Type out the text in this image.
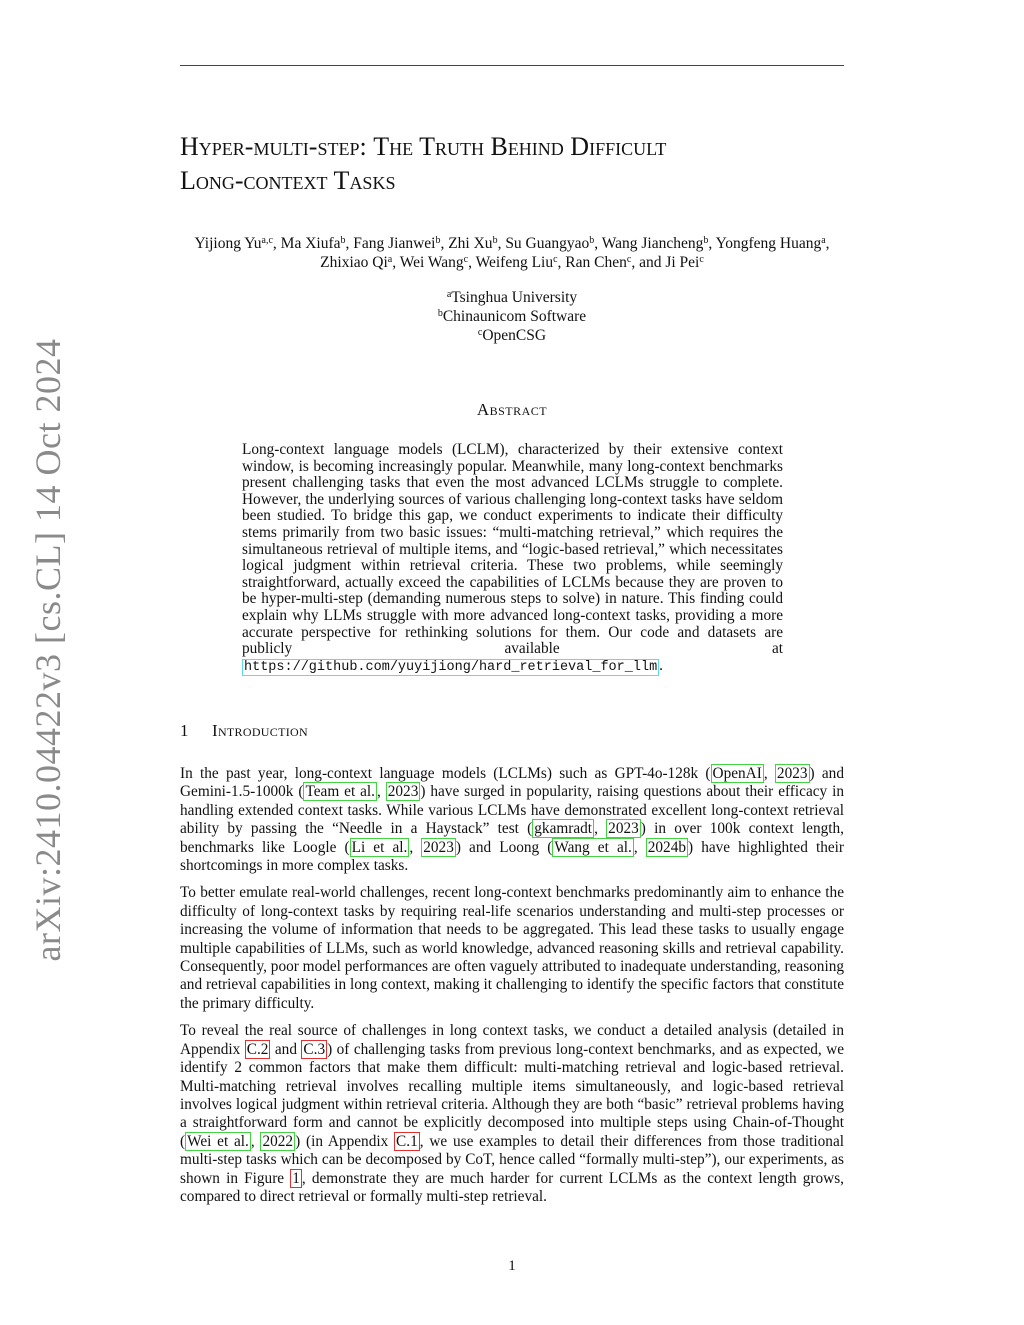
arXiv:2410.04422v3 [cs.CL] 14 Oct 2024
Hyper-multi-step: The Truth Behind Difficult
Long-context Tasks
Yijiong Yu$^{a,c}$, Ma Xiufa$^b$, Fang Jianwei$^b$, Zhi Xu$^b$, Su Guangyao$^b$, Wang Jiancheng$^b$, Yongfeng Huang$^a$, Zhixiao Qi$^a$, Wei Wang$^c$, Weifeng Liu$^c$, Ran Chen$^c$, and Ji Pei$^c$
$^a$Tsinghua University
$^b$Chinaunicom Software
$^c$OpenCSG
Abstract
Long-context language models (LCLM), characterized by their extensive context window, is becoming increasingly popular. Meanwhile, many long-context benchmarks present challenging tasks that even the most advanced LCLMs struggle to complete. However, the underlying sources of various challenging long-context tasks have seldom been studied. To bridge this gap, we conduct experiments to indicate their difficulty stems primarily from two basic issues: “multi-matching retrieval,” which requires the simultaneous retrieval of multiple items, and “logic-based retrieval,” which necessitates logical judgment within retrieval criteria. These two problems, while seemingly straightforward, actually exceed the capabilities of LCLMs because they are proven to be hyper-multi-step (demanding numerous steps to solve) in nature. This finding could explain why LLMs struggle with more advanced long-context tasks, providing a more accurate perspective for rethinking solutions for them. Our code and datasets are publicly available at https://github.com/yuyijiong/hard_retrieval_for_llm .
1 Introduction

In the past year, long-context language models (LCLMs) such as GPT-4o-128k ( OpenAI , 2023 ) and Gemini-1.5-1000k ( Team et al. , 2023 ) have surged in popularity, raising questions about their efficacy in handling extended context tasks. While various LCLMs have demonstrated excellent long-context retrieval ability by passing the “Needle in a Haystack” test ( gkamradt , 2023 ) in over 100k context length, benchmarks like Loogle ( Li et al. , 2023 ) and Loong ( Wang et al. , 2024b ) have highlighted their shortcomings in more complex tasks.

To better emulate real-world challenges, recent long-context benchmarks predominantly aim to enhance the difficulty of long-context tasks by requiring real-life scenarios understanding and multi-step processes or increasing the volume of information that needs to be aggregated. This lead these tasks to usually engage multiple capabilities of LLMs, such as world knowledge, advanced reasoning skills and retrieval capability. Consequently, poor model performances are often vaguely attributed to inadequate understanding, reasoning and retrieval capabilities in long context, making it challenging to identify the specific factors that constitute the primary difficulty.

To reveal the real source of challenges in long context tasks, we conduct a detailed analysis (detailed in Appendix C.2 and C.3 ) of challenging tasks from previous long-context benchmarks, and as expected, we identify 2 common factors that make them difficult: multi-matching retrieval and logic-based retrieval. Multi-matching retrieval involves recalling multiple items simultaneously, and logic-based retrieval involves logical judgment within retrieval criteria. Although they are both “basic” retrieval problems having a straightforward form and cannot be explicitly decomposed into multiple steps using Chain-of-Thought ( Wei et al. , 2022 ) (in Appendix C.1 , we use examples to detail their differences from those traditional multi-step tasks which can be decomposed by CoT, hence called “formally multi-step”), our experiments, as shown in Figure 1 , demonstrate they are much harder for current LCLMs as the context length grows, compared to direct retrieval or formally multi-step retrieval.

1
